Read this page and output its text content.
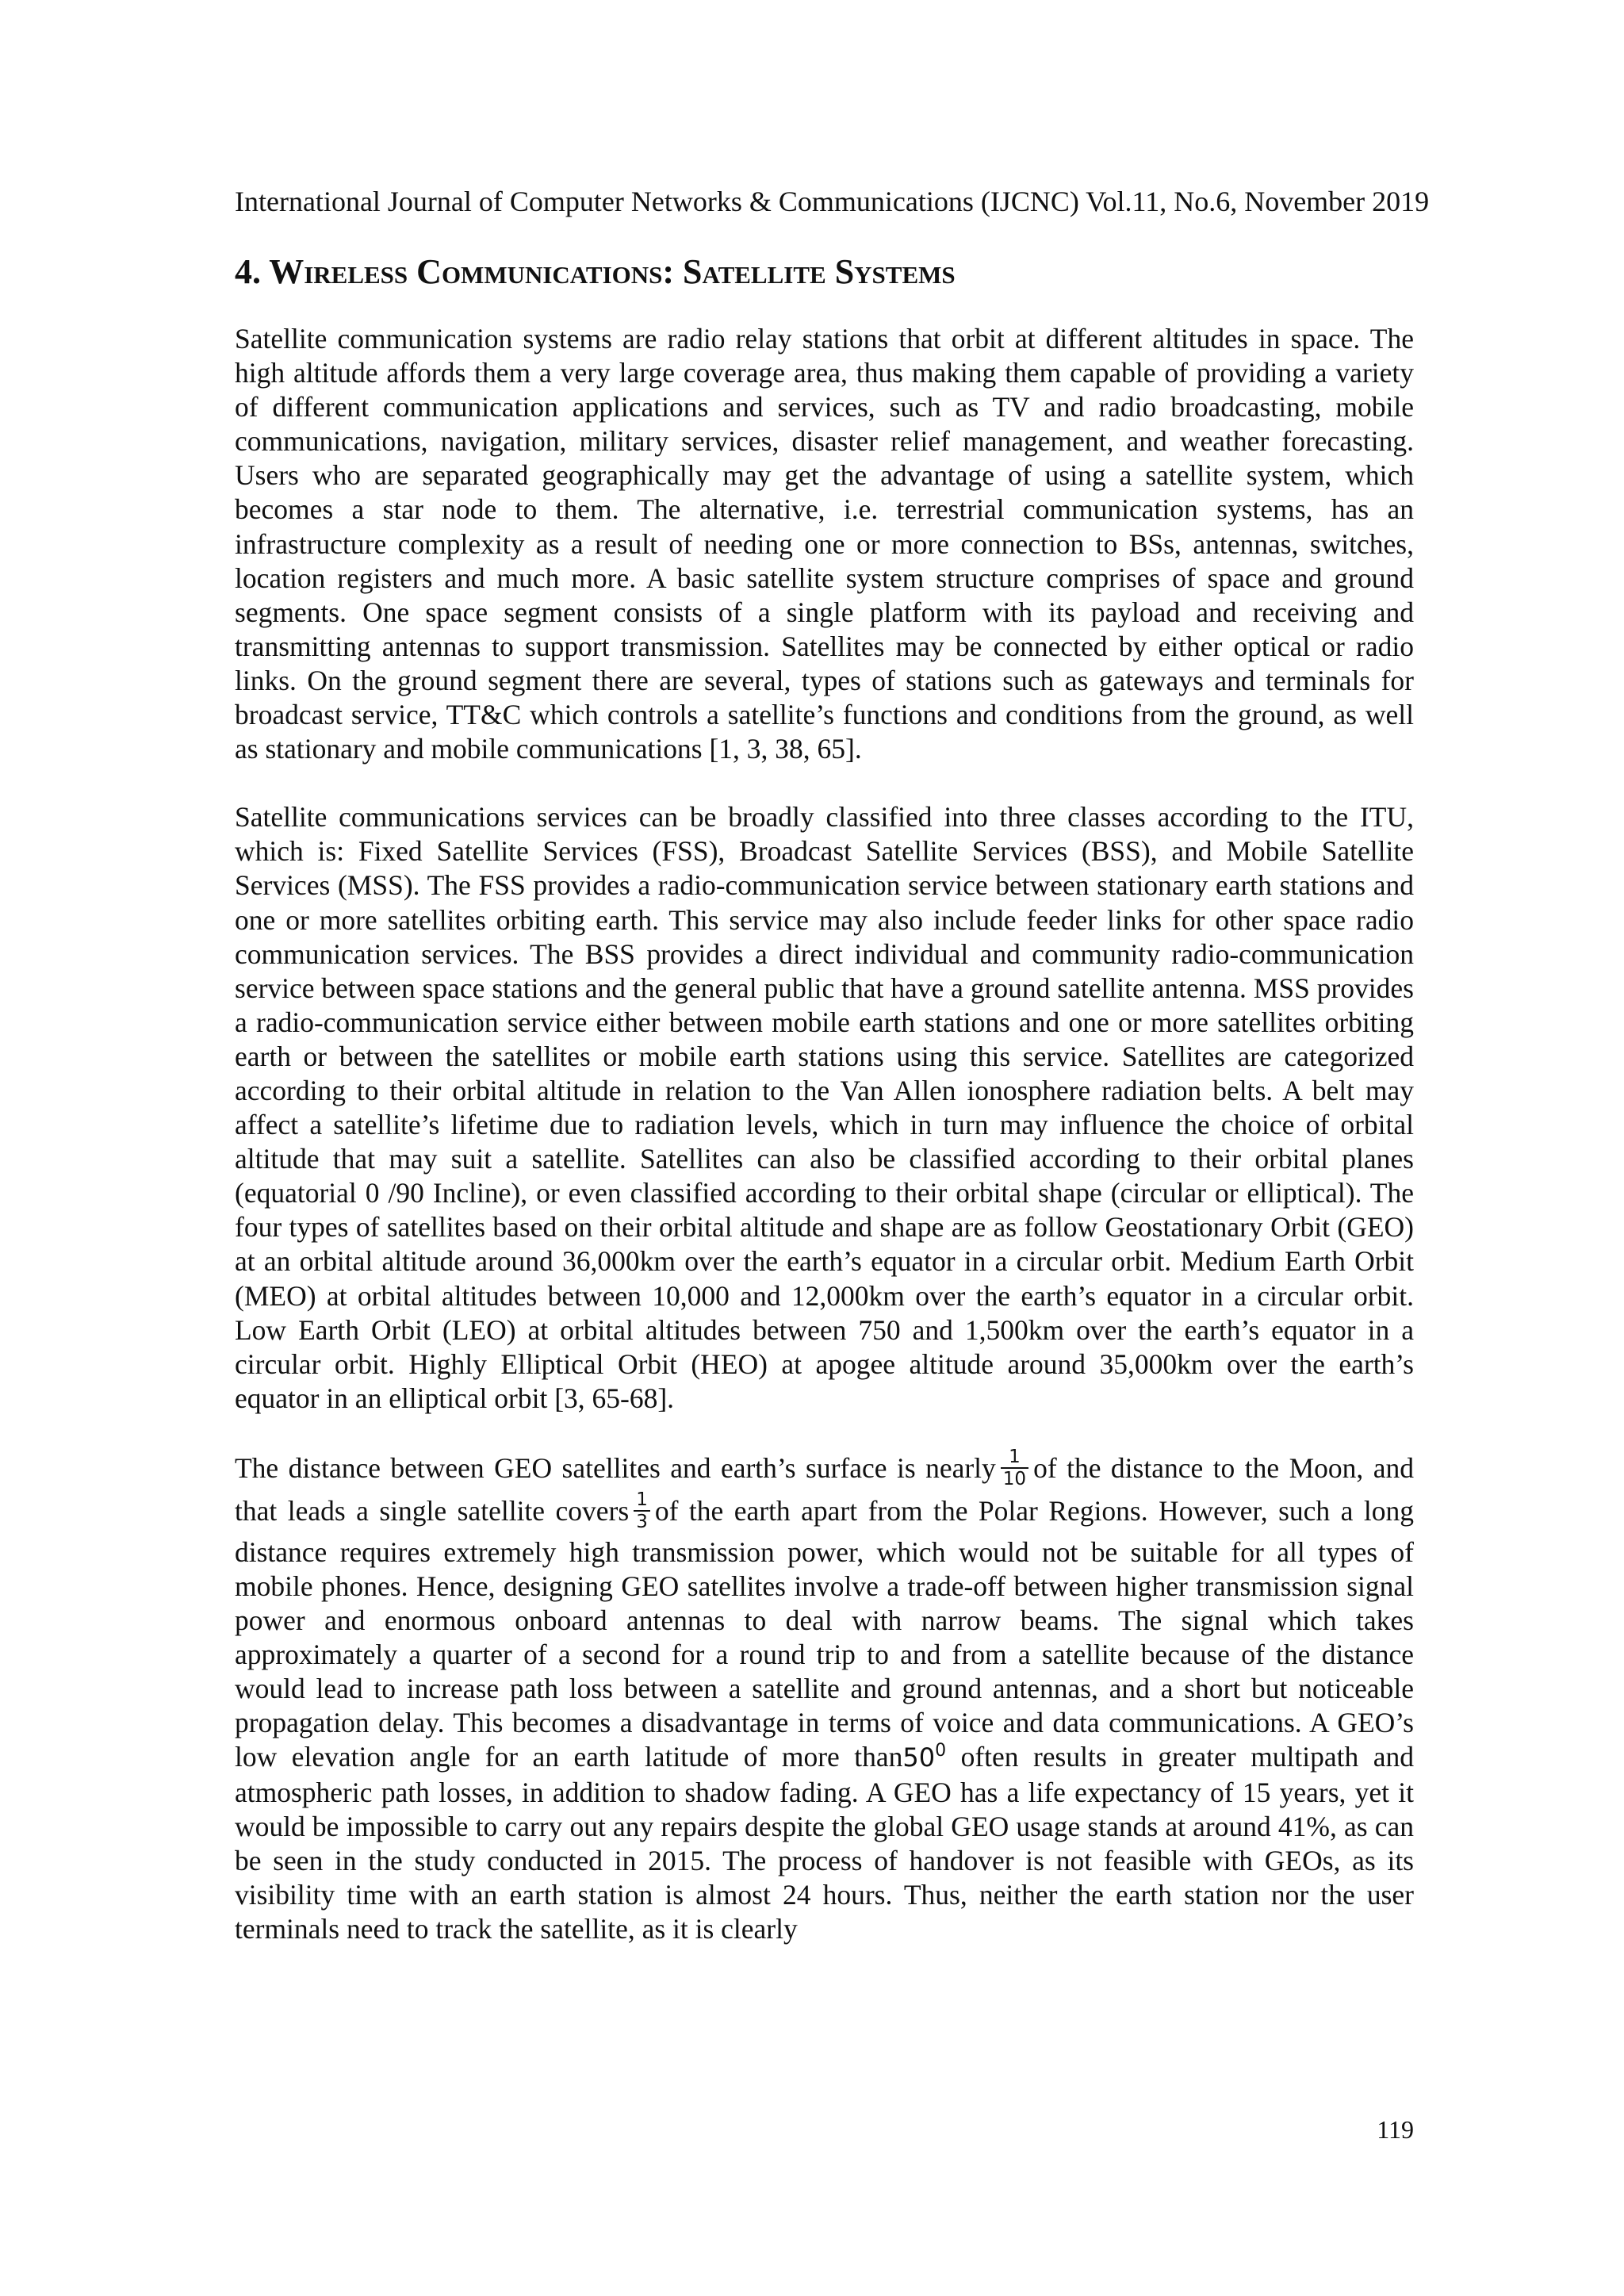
International Journal of Computer Networks & Communications (IJCNC) Vol.11, No.6, November 2019
4. Wireless Communications: Satellite Systems

Satellite communication systems are radio relay stations that orbit at different altitudes in space. The high altitude affords them a very large coverage area, thus making them capable of providing a variety of different communication applications and services, such as TV and radio broadcasting, mobile communications, navigation, military services, disaster relief management, and weather forecasting. Users who are separated geographically may get the advantage of using a satellite system, which becomes a star node to them. The alternative, i.e. terrestrial communication systems, has an infrastructure complexity as a result of needing one or more connection to BSs, antennas, switches, location registers and much more. A basic satellite system structure comprises of space and ground segments. One space segment consists of a single platform with its payload and receiving and transmitting antennas to support transmission. Satellites may be connected by either optical or radio links. On the ground segment there are several, types of stations such as gateways and terminals for broadcast service, TT&C which controls a satellite’s functions and conditions from the ground, as well as stationary and mobile communications [1, 3, 38, 65].

Satellite communications services can be broadly classified into three classes according to the ITU, which is: Fixed Satellite Services (FSS), Broadcast Satellite Services (BSS), and Mobile Satellite Services (MSS). The FSS provides a radio-communication service between stationary earth stations and one or more satellites orbiting earth. This service may also include feeder links for other space radio communication services. The BSS provides a direct individual and community radio-communication service between space stations and the general public that have a ground satellite antenna. MSS provides a radio-communication service either between mobile earth stations and one or more satellites orbiting earth or between the satellites or mobile earth stations using this service. Satellites are categorized according to their orbital altitude in relation to the Van Allen ionosphere radiation belts. A belt may affect a satellite’s lifetime due to radiation levels, which in turn may influence the choice of orbital altitude that may suit a satellite. Satellites can also be classified according to their orbital planes (equatorial 0 /90 Incline), or even classified according to their orbital shape (circular or elliptical). The four types of satellites based on their orbital altitude and shape are as follow Geostationary Orbit (GEO) at an orbital altitude around 36,000km over the earth’s equator in a circular orbit. Medium Earth Orbit (MEO) at orbital altitudes between 10,000 and 12,000km over the earth’s equator in a circular orbit. Low Earth Orbit (LEO) at orbital altitudes between 750 and 1,500km over the earth’s equator in a circular orbit. Highly Elliptical Orbit (HEO) at apogee altitude around 35,000km over the earth’s equator in an elliptical orbit [3, 65-68].

The distance between GEO satellites and earth’s surface is nearly $\frac{1}{10}$ of the distance to the Moon, and that leads a single satellite covers $\frac{1}{3}$ of the earth apart from the Polar Regions. However, such a long distance requires extremely high transmission power, which would not be suitable for all types of mobile phones. Hence, designing GEO satellites involve a trade-off between higher transmission signal power and enormous onboard antennas to deal with narrow beams. The signal which takes approximately a quarter of a second for a round trip to and from a satellite because of the distance would lead to increase path loss between a satellite and ground antennas, and a short but noticeable propagation delay. This becomes a disadvantage in terms of voice and data communications. A GEO’s low elevation angle for an earth latitude of more $than50^0$ often results in greater multipath and atmospheric path losses, in addition to shadow fading. A GEO has a life expectancy of 15 years, yet it would be impossible to carry out any repairs despite the global GEO usage stands at around 41%, as can be seen in the study conducted in 2015. The process of handover is not feasible with GEOs, as its visibility time with an earth station is almost 24 hours. Thus, neither the earth station nor the user terminals need to track the satellite, as it is clearly

119
